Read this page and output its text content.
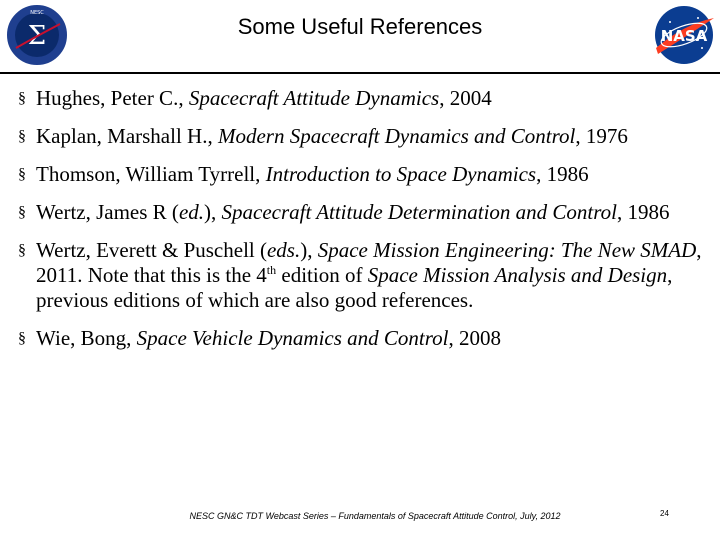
Σ
NESC
Some Useful References	NASA
§ Hughes, Peter C., Spacecraft Attitude Dynamics, 2004
§ Kaplan, Marshall H., Modern Spacecraft Dynamics and Control, 1976
§ Thomson, William Tyrrell, Introduction to Space Dynamics, 1986
§ Wertz, James R (ed.), Spacecraft Attitude Determination and Control, 1986
§ Wertz, Everett & Puschell (eds.), Space Mission Engineering: The New SMAD, 2011. Note that this is the 4th edition of Space Mission Analysis and Design, previous editions of which are also good references.
§ Wie, Bong, Space Vehicle Dynamics and Control, 2008
NESC GN&C TDT Webcast Series – Fundamentals of Spacecraft Attitude Control, July, 2012	24
